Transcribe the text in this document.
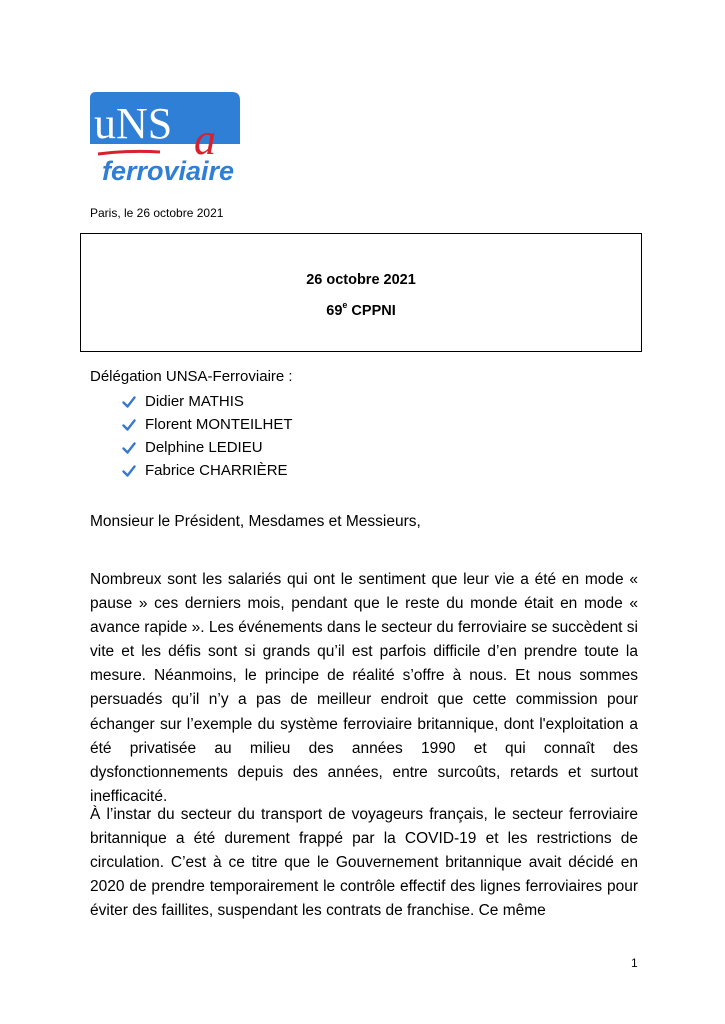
uNS a
ferroviaire
Paris, le 26 octobre 2021
26 octobre 2021
69e CPPNI
Délégation UNSA-Ferroviaire :
Didier MATHIS
Florent MONTEILHET
Delphine LEDIEU
Fabrice CHARRIÈRE

Monsieur le Président, Mesdames et Messieurs,

Nombreux sont les salariés qui ont le sentiment que leur vie a été en mode « pause » ces derniers mois, pendant que le reste du monde était en mode « avance rapide ». Les événements dans le secteur du ferroviaire se succèdent si vite et les défis sont si grands qu’il est parfois difficile d’en prendre toute la mesure. Néanmoins, le principe de réalité s’offre à nous. Et nous sommes persuadés qu’il n’y a pas de meilleur endroit que cette commission pour échanger sur l’exemple du système ferroviaire britannique, dont l'exploitation a été privatisée au milieu des années 1990 et qui connaît des dysfonctionnements depuis des années, entre surcoûts, retards et surtout inefficacité.

À l’instar du secteur du transport de voyageurs français, le secteur ferroviaire britannique a été durement frappé par la COVID-19 et les restrictions de circulation. C’est à ce titre que le Gouvernement britannique avait décidé en 2020 de prendre temporairement le contrôle effectif des lignes ferroviaires pour éviter des faillites, suspendant les contrats de franchise. Ce même

1
